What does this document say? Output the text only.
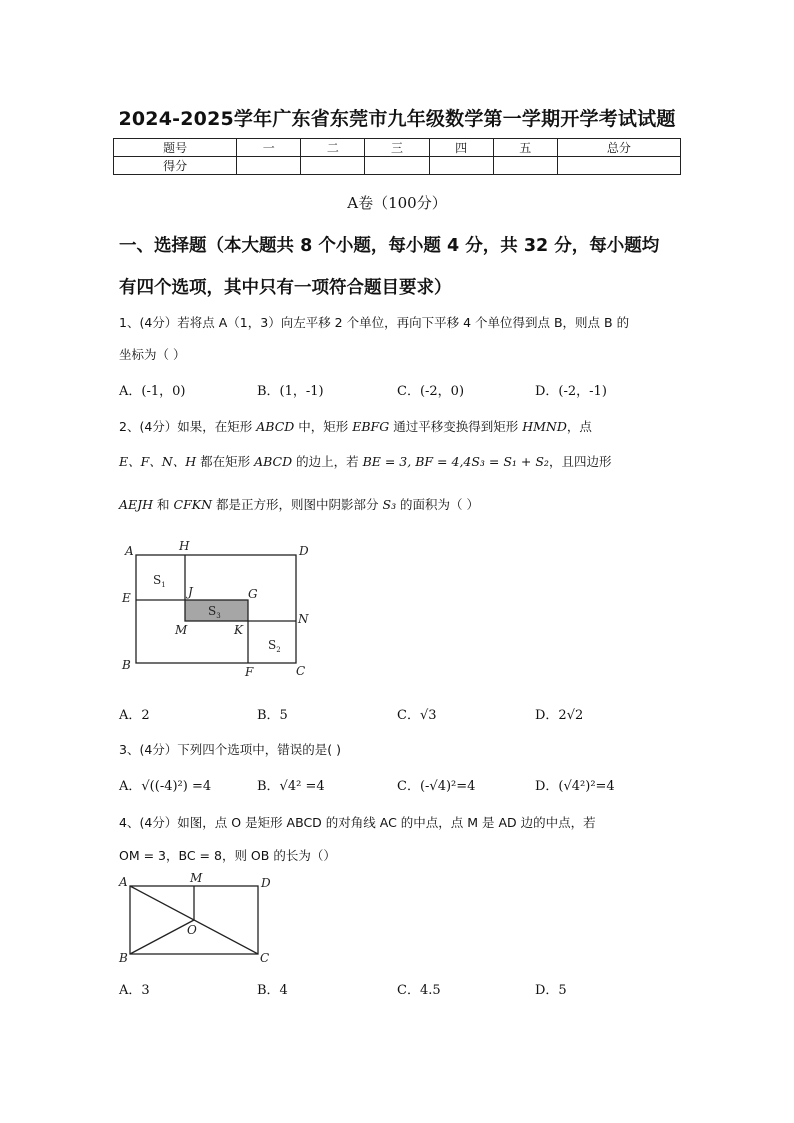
2024-2025学年广东省东莞市九年级数学第一学期开学考试试题
题号	一	二	三	四	五	总分
得分						
A卷（100分）
一、选择题（本大题共 8 个小题，每小题 4 分，共 32 分，每小题均
有四个选项，其中只有一项符合题目要求）
1、(4分）若将点 A（1，3）向左平移 2 个单位，再向下平移 4 个单位得到点 B，则点 B 的
坐标为（ ）
A．(-1，0)	B．(1，-1)	C．(-2，0)	D．(-2，-1)
2、(4分）如果，在矩形 ABCD 中，矩形 EBFG 通过平移变换得到矩形 HMND，点
E、F、N、H 都在矩形 ABCD 的边上，若 BE = 3, BF = 4,4S₃ = S₁ + S₂，且四边形
AEJH 和 CFKN 都是正方形，则图中阴影部分 S₃ 的面积为（ ）
A	H	D
E	J	G
M	K
N
B	F	C
$S_1$
$S_3$
$S_2$
A．2	B．5	C．√3	D．2√2
3、(4分）下列四个选项中，错误的是( )
A．√((-4)²) =4	B．√4² =4	C．(-√4)²=4	D．(√4²)²=4
4、(4分）如图，点 O 是矩形 ABCD 的对角线 AC 的中点，点 M 是 AD 边的中点，若
OM = 3，BC = 8，则 OB 的长为（）
A	M	D
O
B	C
A．3	B．4	C．4.5	D．5
